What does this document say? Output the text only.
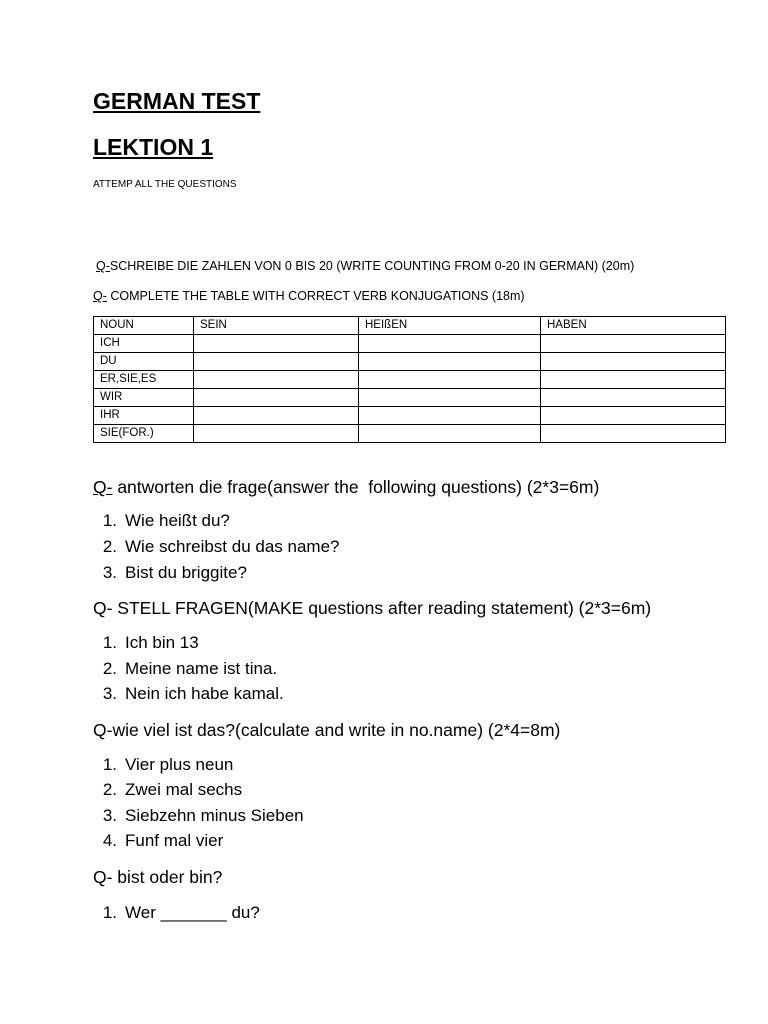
GERMAN TEST
LEKTION 1
ATTEMP ALL THE QUESTIONS
Q-SCHREIBE DIE ZAHLEN VON 0 BIS 20 (WRITE COUNTING FROM 0-20 IN GERMAN) (20m)
Q- COMPLETE THE TABLE WITH CORRECT VERB KONJUGATIONS (18m)
NOUN	SEIN	HEIßEN	HABEN
ICH			
DU			
ER,SIE,ES			
WIR			
IHR			
SIE(FOR.)			
Q- antworten die frage(answer the  following questions) (2*3=6m)
1. Wie heißt du?
2. Wie schreibst du das name?
3. Bist du briggite?
Q- STELL FRAGEN(MAKE questions after reading statement) (2*3=6m)
1. Ich bin 13
2. Meine name ist tina.
3. Nein ich habe kamal.
Q-wie viel ist das?(calculate and write in no.name) (2*4=8m)
1. Vier plus neun
2. Zwei mal sechs
3. Siebzehn minus Sieben
4. Funf mal vier
Q- bist oder bin?
1. Wer _______ du?
